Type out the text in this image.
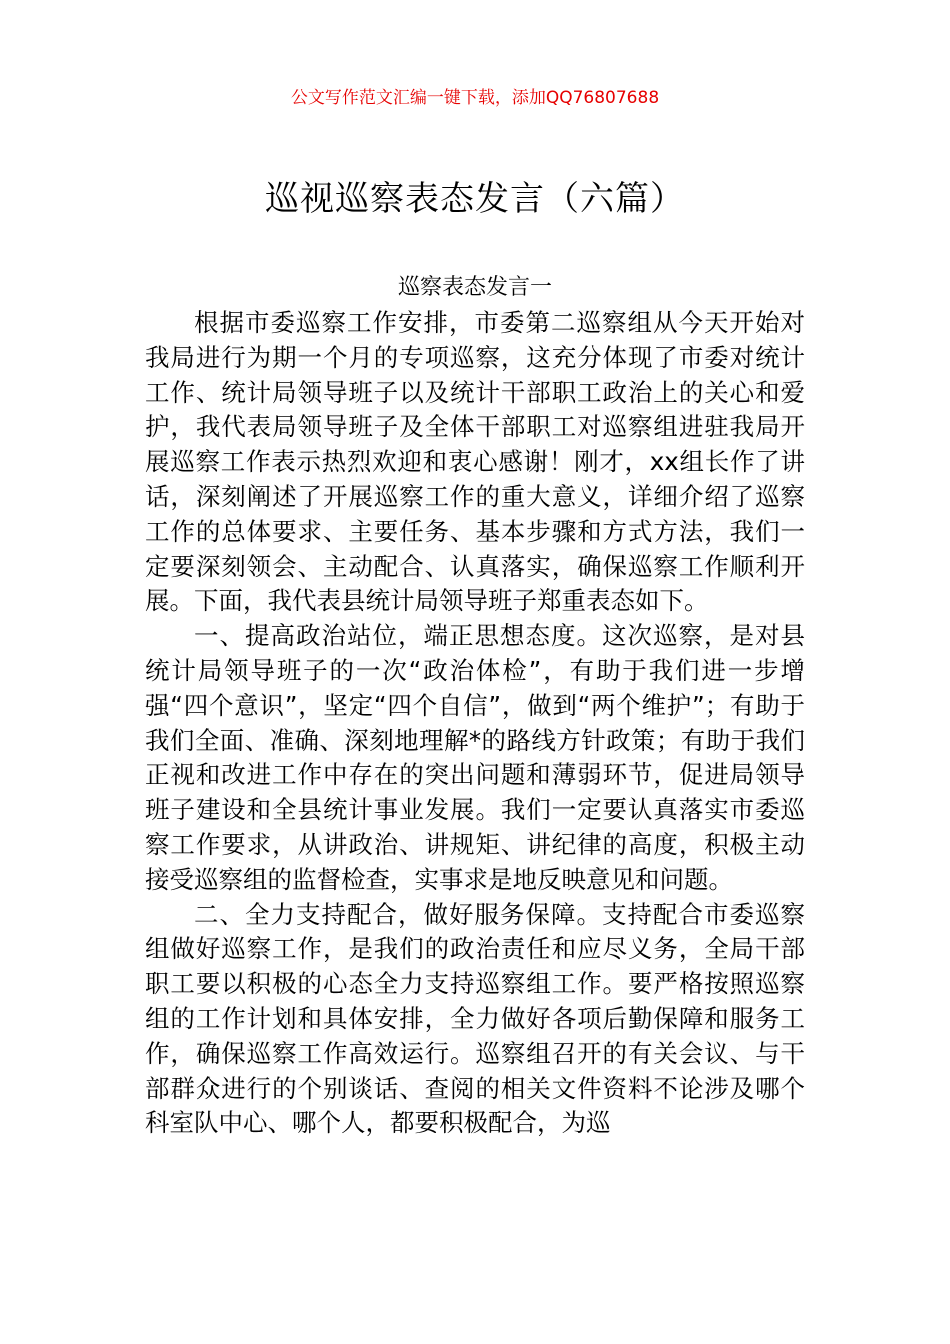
公文写作范文汇编一键下载，添加QQ76807688
巡视巡察表态发言（六篇）
巡察表态发言一

根据市委巡察工作安排，市委第二巡察组从今天开始对我局进行为期一个月的专项巡察，这充分体现了市委对统计工作、统计局领导班子以及统计干部职工政治上的关心和爱护，我代表局领导班子及全体干部职工对巡察组进驻我局开展巡察工作表示热烈欢迎和衷心感谢！刚才，xx组长作了讲话，深刻阐述了开展巡察工作的重大意义，详细介绍了巡察工作的总体要求、主要任务、基本步骤和方式方法，我们一定要深刻领会、主动配合、认真落实，确保巡察工作顺利开展。下面，我代表县统计局领导班子郑重表态如下。

一、提高政治站位，端正思想态度。这次巡察，是对县统计局领导班子的一次“政治体检”，有助于我们进一步增强“四个意识”，坚定“四个自信”，做到“两个维护”；有助于我们全面、准确、深刻地理解*的路线方针政策；有助于我们正视和改进工作中存在的突出问题和薄弱环节，促进局领导班子建设和全县统计事业发展。我们一定要认真落实市委巡察工作要求，从讲政治、讲规矩、讲纪律的高度，积极主动接受巡察组的监督检查，实事求是地反映意见和问题。

二、全力支持配合，做好服务保障。支持配合市委巡察组做好巡察工作，是我们的政治责任和应尽义务，全局干部职工要以积极的心态全力支持巡察组工作。要严格按照巡察组的工作计划和具体安排，全力做好各项后勤保障和服务工作，确保巡察工作高效运行。巡察组召开的有关会议、与干部群众进行的个别谈话、查阅的相关文件资料不论涉及哪个科室队中心、哪个人，都要积极配合，为巡
